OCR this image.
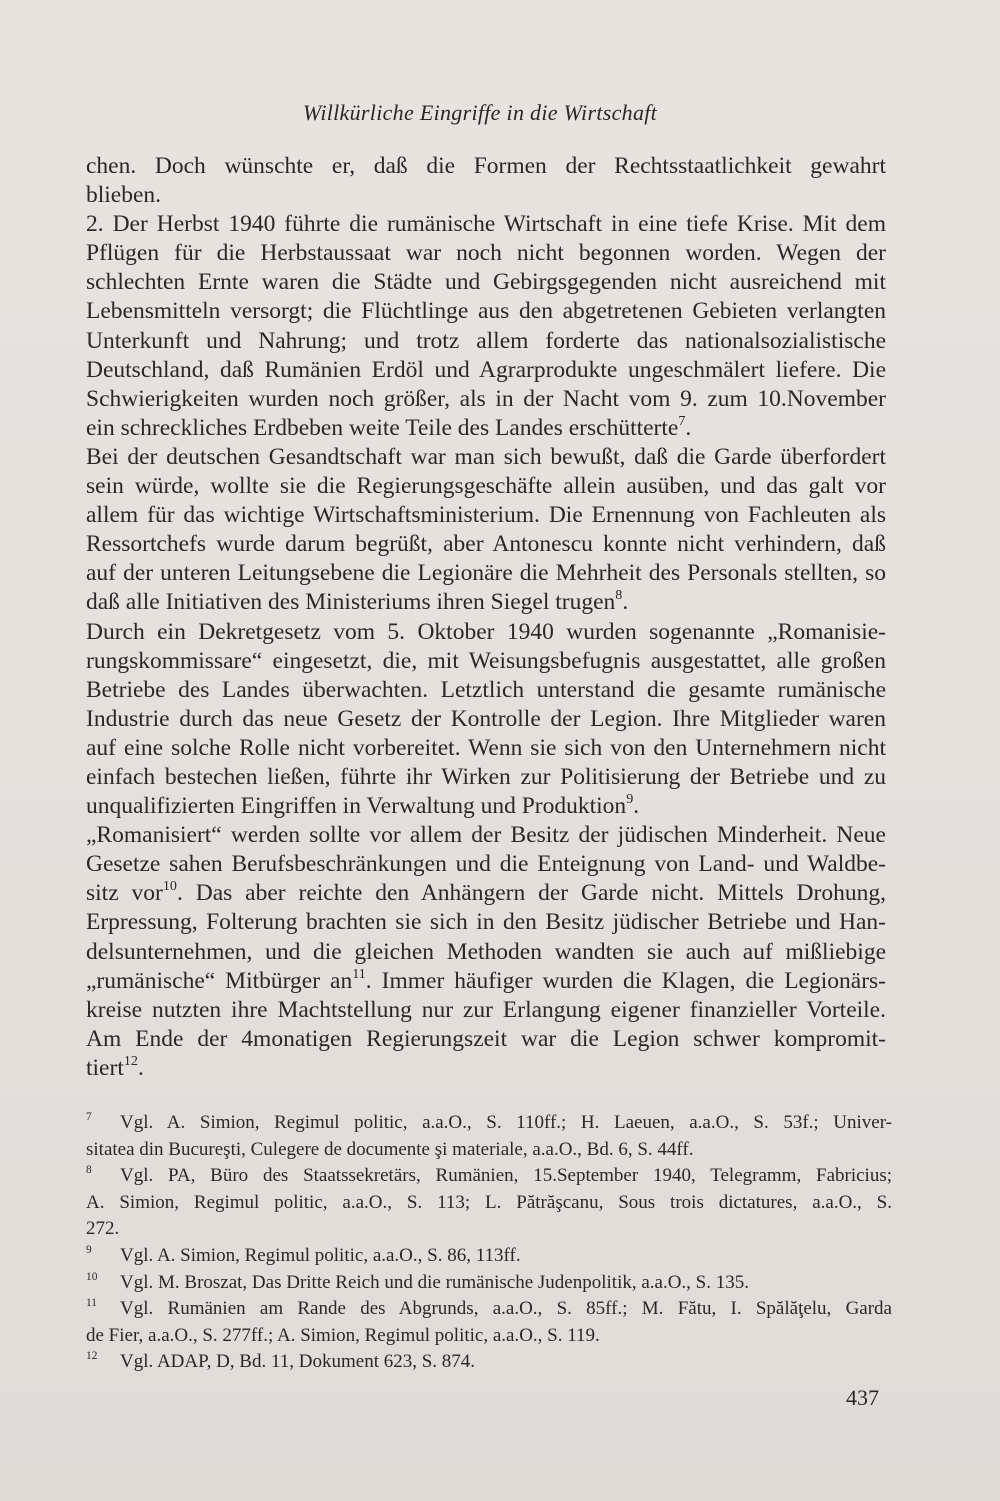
Willkürliche Eingriffe in die Wirtschaft
chen. Doch wünschte er, daß die Formen der Rechtsstaatlichkeit gewahrt
blieben.
2. Der Herbst 1940 führte die rumänische Wirtschaft in eine tiefe Krise. Mit dem
Pflügen für die Herbstaussaat war noch nicht begonnen worden. Wegen der
schlechten Ernte waren die Städte und Gebirgsgegenden nicht ausreichend mit
Lebensmitteln versorgt; die Flüchtlinge aus den abgetretenen Gebieten verlangten
Unterkunft und Nahrung; und trotz allem forderte das nationalsozialistische
Deutschland, daß Rumänien Erdöl und Agrarprodukte ungeschmälert liefere. Die
Schwierigkeiten wurden noch größer, als in der Nacht vom 9. zum 10.November
ein schreckliches Erdbeben weite Teile des Landes erschütterte$^7$.
Bei der deutschen Gesandtschaft war man sich bewußt, daß die Garde überfordert
sein würde, wollte sie die Regierungsgeschäfte allein ausüben, und das galt vor
allem für das wichtige Wirtschaftsministerium. Die Ernennung von Fachleuten als
Ressortchefs wurde darum begrüßt, aber Antonescu konnte nicht verhindern, daß
auf der unteren Leitungsebene die Legionäre die Mehrheit des Personals stellten, so
daß alle Initiativen des Ministeriums ihren Siegel trugen$^8$.
Durch ein Dekretgesetz vom 5. Oktober 1940 wurden sogenannte „Romanisie-
rungskommissare“ eingesetzt, die, mit Weisungsbefugnis ausgestattet, alle großen
Betriebe des Landes überwachten. Letztlich unterstand die gesamte rumänische
Industrie durch das neue Gesetz der Kontrolle der Legion. Ihre Mitglieder waren
auf eine solche Rolle nicht vorbereitet. Wenn sie sich von den Unternehmern nicht
einfach bestechen ließen, führte ihr Wirken zur Politisierung der Betriebe und zu
unqualifizierten Eingriffen in Verwaltung und Produktion$^9$.
„Romanisiert“ werden sollte vor allem der Besitz der jüdischen Minderheit. Neue
Gesetze sahen Berufsbeschränkungen und die Enteignung von Land- und Waldbe-
sitz vor$^{10}$. Das aber reichte den Anhängern der Garde nicht. Mittels Drohung,
Erpressung, Folterung brachten sie sich in den Besitz jüdischer Betriebe und Han-
delsunternehmen, und die gleichen Methoden wandten sie auch auf mißliebige
„rumänische“ Mitbürger $an^{11}$. Immer häufiger wurden die Klagen, die Legionärs-
kreise nutzten ihre Machtstellung nur zur Erlangung eigener finanzieller Vorteile.
Am Ende der 4monatigen Regierungszeit war die Legion schwer kompromit-
tiert$^{12}$.
$^7$ Vgl. A. Simion, Regimul politic, a.a.O., S. 110ff.; H. Laeuen, a.a.O., S. 53f.; Univer-
sitatea din Bucureşti, Culegere de documente şi materiale, a.a.O., Bd. 6, S. 44ff.
$^8$ Vgl. PA, Büro des Staatssekretärs, Rumänien, 15.September 1940, Telegramm, Fabricius;
A. Simion, Regimul politic, a.a.O., S. 113; L. Pătrăşcanu, Sous trois dictatures, a.a.O., S.
272.
$^9$ Vgl. A. Simion, Regimul politic, a.a.O., S. 86, 113ff.
$^{10}$ Vgl. M. Broszat, Das Dritte Reich und die rumänische Judenpolitik, a.a.O., S. 135.
$^{11}$ Vgl. Rumänien am Rande des Abgrunds, a.a.O., S. 85ff.; M. Fătu, I. Spălăţelu, Garda
de Fier, a.a.O., S. 277ff.; A. Simion, Regimul politic, a.a.O., S. 119.
$^{12}$ Vgl. ADAP, D, Bd. 11, Dokument 623, S. 874.
437
